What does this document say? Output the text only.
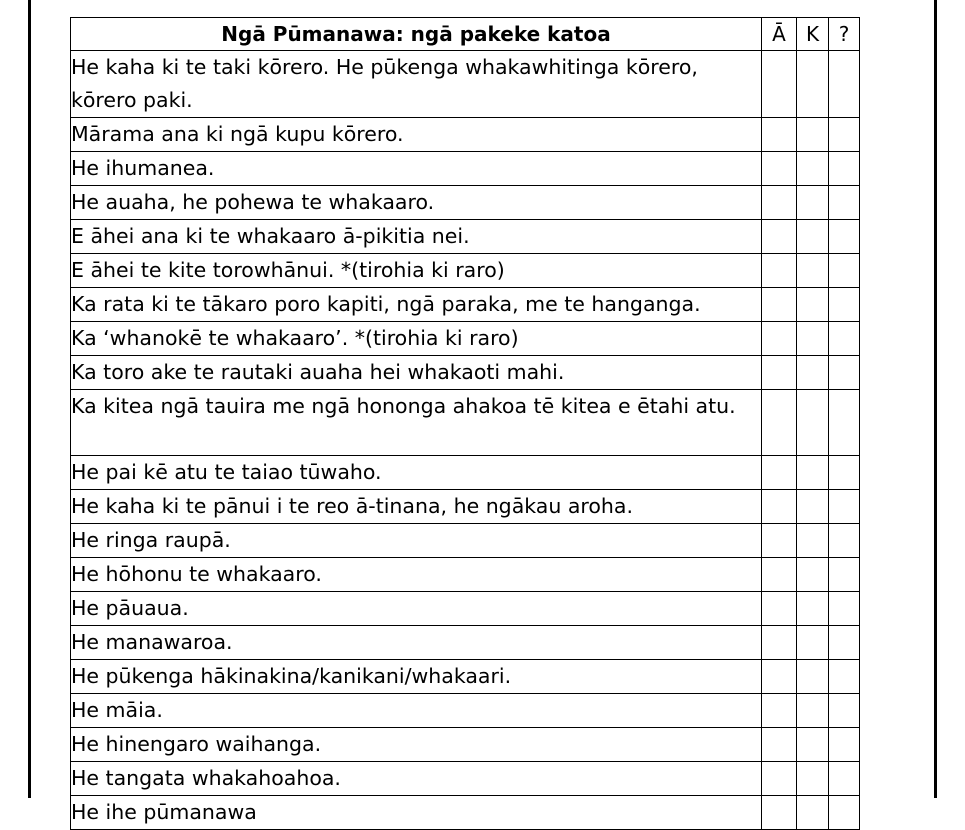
Ngā Pūmanawa: ngā pakeke katoa	Ā	K	?
He kaha ki te taki kōrero. He pūkenga whakawhitinga kōrero, kōrero paki.			
Mārama ana ki ngā kupu kōrero.			
He ihumanea.			
He auaha, he pohewa te whakaaro.			
E āhei ana ki te whakaaro ā-pikitia nei.			
E āhei te kite torowhānui. *(tirohia ki raro)			
Ka rata ki te tākaro poro kapiti, ngā paraka, me te hanganga.			
Ka ‘whanokē te whakaaro’. *(tirohia ki raro)			
Ka toro ake te rautaki auaha hei whakaoti mahi.			
Ka kitea ngā tauira me ngā hononga ahakoa tē kitea e ētahi atu.			
He pai kē atu te taiao tūwaho.			
He kaha ki te pānui i te reo ā-tinana, he ngākau aroha.			
He ringa raupā.			
He hōhonu te whakaaro.			
He pāuaua.			
He manawaroa.			
He pūkenga hākinakina/kanikani/whakaari.			
He māia.			
He hinengaro waihanga.			
He tangata whakahoahoa.			
He ihe pūmanawa			
